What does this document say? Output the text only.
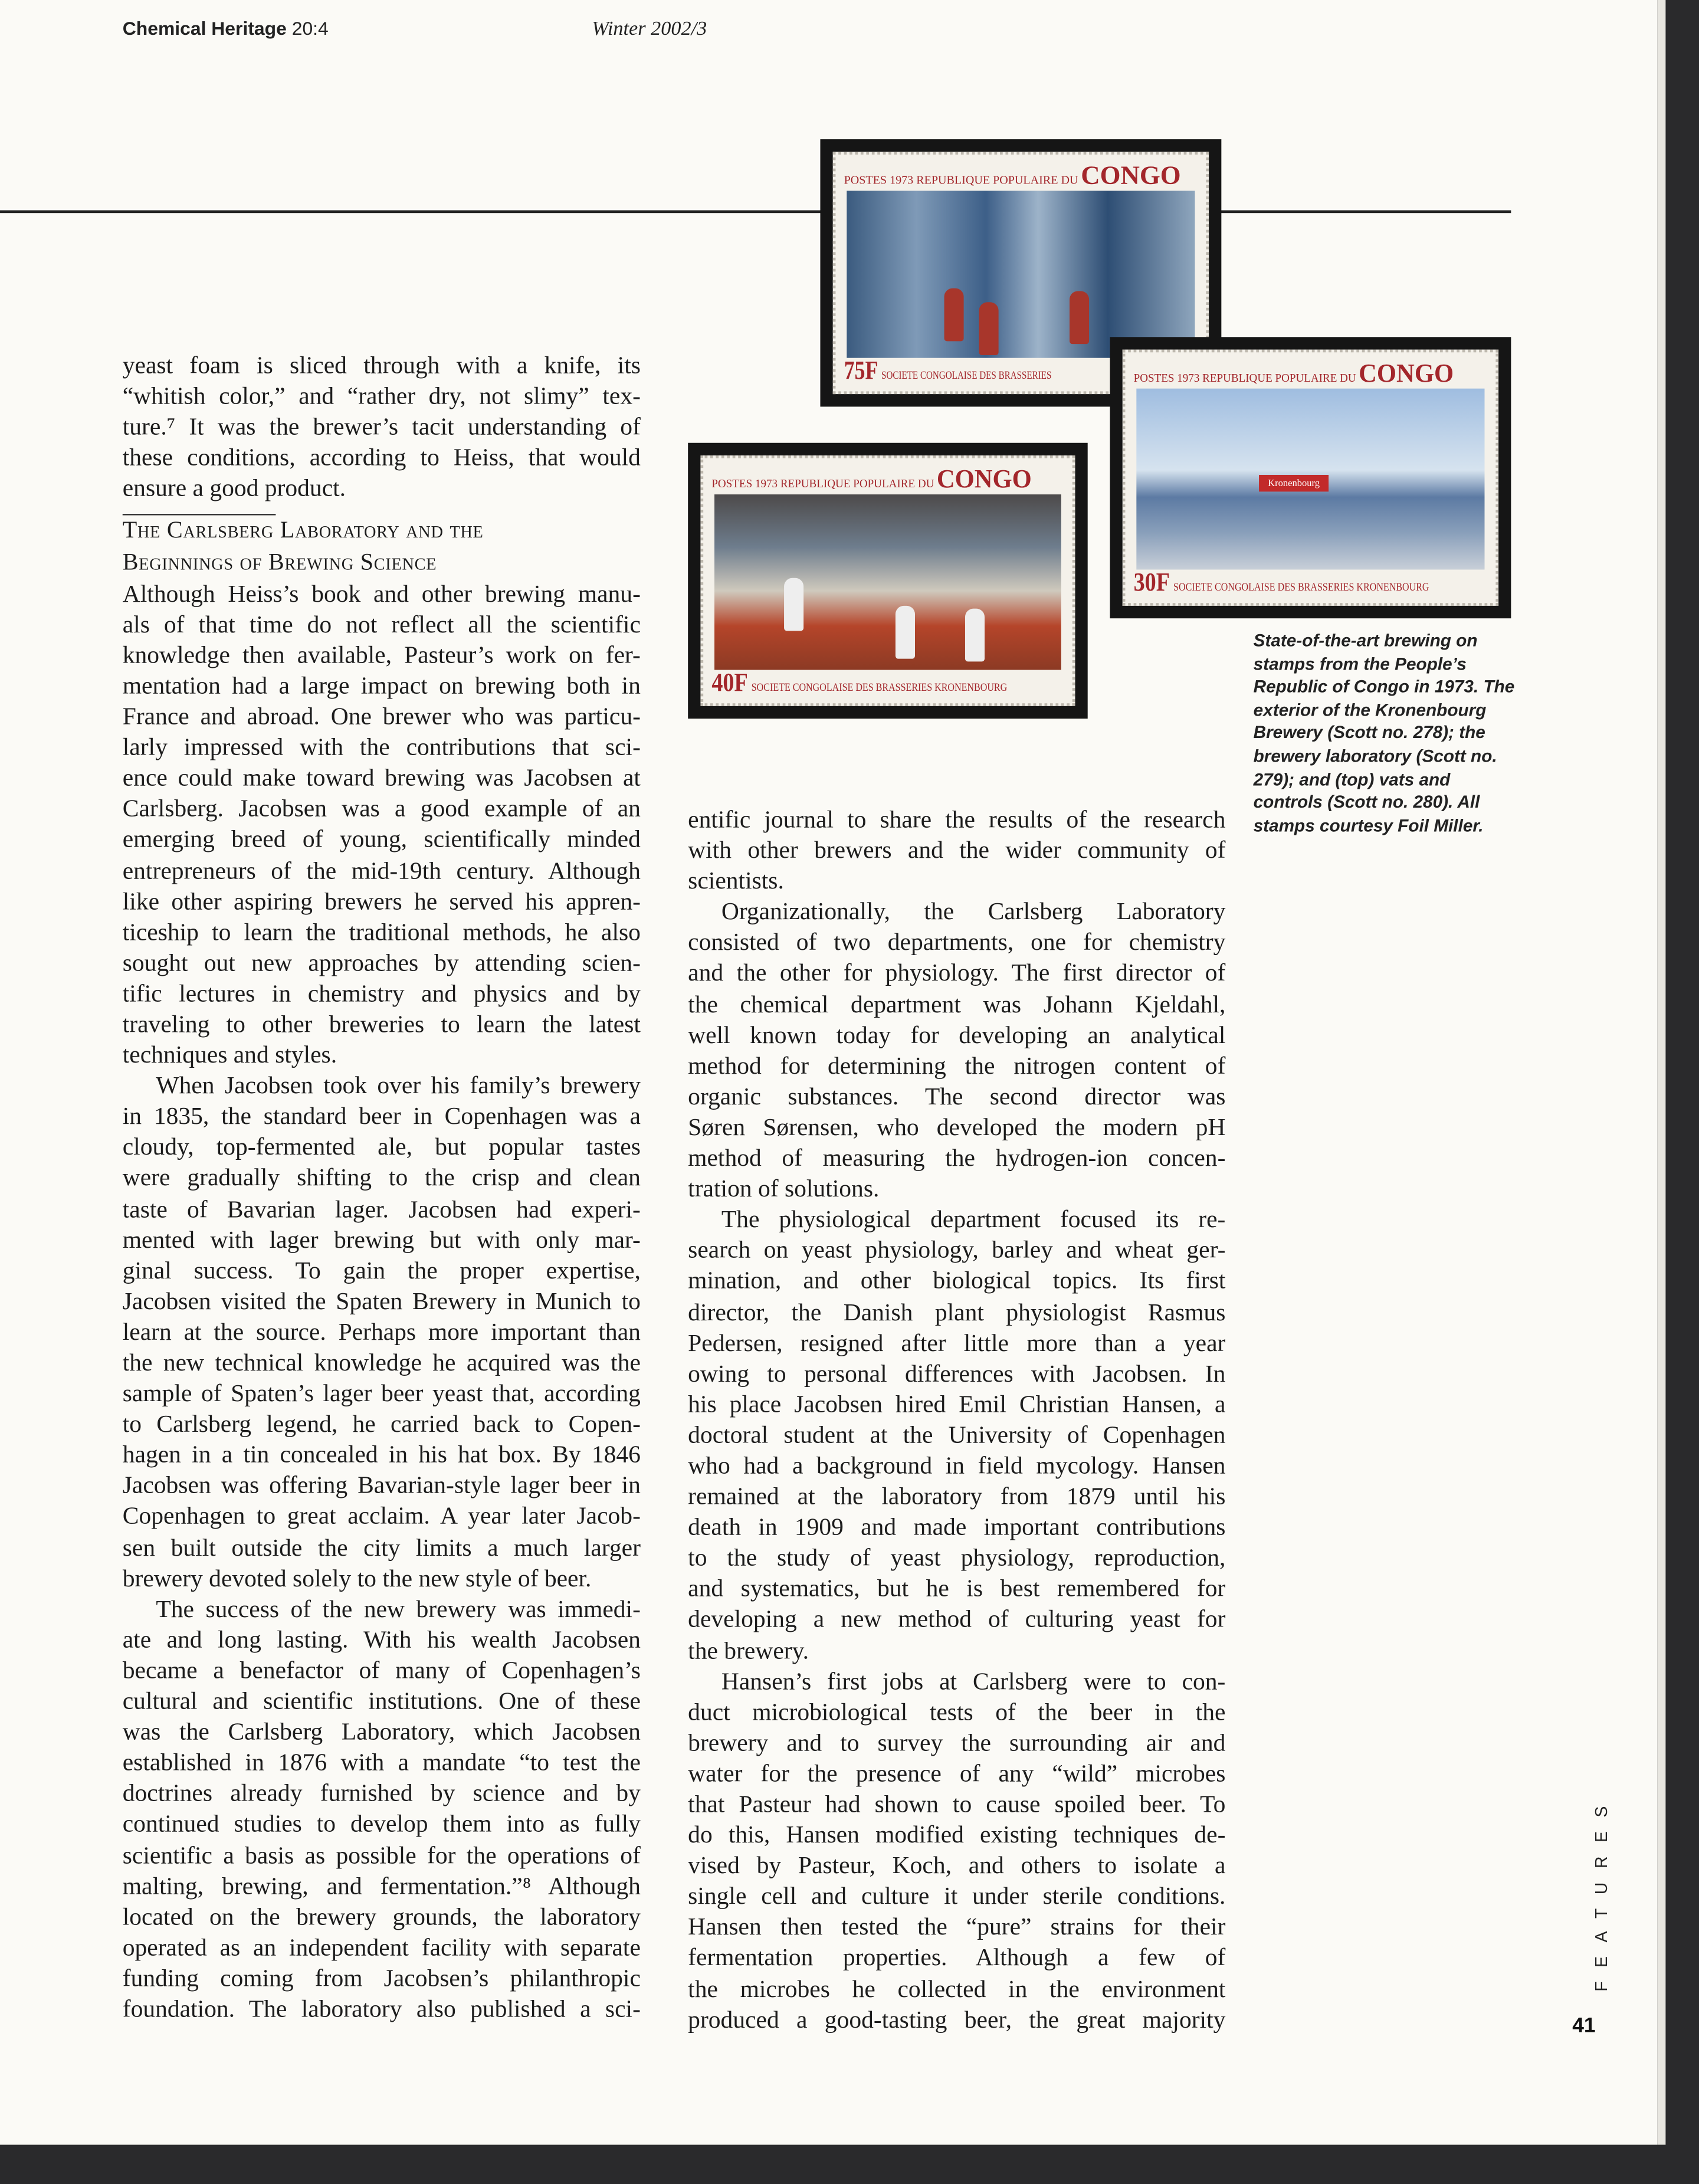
Chemical Heritage 20:4	Winter 2002/3
POSTES 1973 REPUBLIQUE POPULAIRE DU CONGO
75F SOCIETE CONGOLAISE DES BRASSERIES	POSTES 1973 REPUBLIQUE POPULAIRE DU CONGO
Kronenbourg
30F SOCIETE CONGOLAISE DES BRASSERIES KRONENBOURG
POSTES 1973 REPUBLIQUE POPULAIRE DU CONGO
40F SOCIETE CONGOLAISE DES BRASSERIES KRONENBOURG
State-of-the-art brewing on stamps from the People’s Republic of Congo in 1973. The exterior of the Kronenbourg Brewery (Scott no. 278); the brewery laboratory (Scott no. 279); and (top) vats and controls (Scott no. 280). All stamps courtesy Foil Miller.
yeast foam is sliced through with a knife, its
“whitish color,” and “rather dry, not slimy” tex-
ture.⁷ It was the brewer’s tacit understanding of
these conditions, according to Heiss, that would
ensure a good product.
The Carlsberg Laboratory and the
Beginnings of Brewing Science
Although Heiss’s book and other brewing manu-
als of that time do not reflect all the scientific
knowledge then available, Pasteur’s work on fer-
mentation had a large impact on brewing both in
France and abroad. One brewer who was particu-
larly impressed with the contributions that sci-
ence could make toward brewing was Jacobsen at
Carlsberg. Jacobsen was a good example of an
emerging breed of young, scientifically minded
entrepreneurs of the mid-19th century. Although
like other aspiring brewers he served his appren-
ticeship to learn the traditional methods, he also
sought out new approaches by attending scien-
tific lectures in chemistry and physics and by
traveling to other breweries to learn the latest
techniques and styles.
When Jacobsen took over his family’s brewery
in 1835, the standard beer in Copenhagen was a
cloudy, top-fermented ale, but popular tastes
were gradually shifting to the crisp and clean
taste of Bavarian lager. Jacobsen had experi-
mented with lager brewing but with only mar-
ginal success. To gain the proper expertise,
Jacobsen visited the Spaten Brewery in Munich to
learn at the source. Perhaps more important than
the new technical knowledge he acquired was the
sample of Spaten’s lager beer yeast that, according
to Carlsberg legend, he carried back to Copen-
hagen in a tin concealed in his hat box. By 1846
Jacobsen was offering Bavarian-style lager beer in
Copenhagen to great acclaim. A year later Jacob-
sen built outside the city limits a much larger
brewery devoted solely to the new style of beer.
The success of the new brewery was immedi-
ate and long lasting. With his wealth Jacobsen
became a benefactor of many of Copenhagen’s
cultural and scientific institutions. One of these
was the Carlsberg Laboratory, which Jacobsen
established in 1876 with a mandate “to test the
doctrines already furnished by science and by
continued studies to develop them into as fully
scientific a basis as possible for the operations of
malting, brewing, and fermentation.”⁸ Although
located on the brewery grounds, the laboratory
operated as an independent facility with separate
funding coming from Jacobsen’s philanthropic
foundation. The laboratory also published a sci-
entific journal to share the results of the research
with other brewers and the wider community of
scientists.
Organizationally, the Carlsberg Laboratory
consisted of two departments, one for chemistry
and the other for physiology. The first director of
the chemical department was Johann Kjeldahl,
well known today for developing an analytical
method for determining the nitrogen content of
organic substances. The second director was
Søren Sørensen, who developed the modern pH
method of measuring the hydrogen-ion concen-
tration of solutions.
The physiological department focused its re-
search on yeast physiology, barley and wheat ger-
mination, and other biological topics. Its first
director, the Danish plant physiologist Rasmus
Pedersen, resigned after little more than a year
owing to personal differences with Jacobsen. In
his place Jacobsen hired Emil Christian Hansen, a
doctoral student at the University of Copenhagen
who had a background in field mycology. Hansen
remained at the laboratory from 1879 until his
death in 1909 and made important contributions
to the study of yeast physiology, reproduction,
and systematics, but he is best remembered for
developing a new method of culturing yeast for
the brewery.
Hansen’s first jobs at Carlsberg were to con-
duct microbiological tests of the beer in the
brewery and to survey the surrounding air and
water for the presence of any “wild” microbes
that Pasteur had shown to cause spoiled beer. To
do this, Hansen modified existing techniques de-
vised by Pasteur, Koch, and others to isolate a
single cell and culture it under sterile conditions.
Hansen then tested the “pure” strains for their
fermentation properties. Although a few of
the microbes he collected in the environment
produced a good-tasting beer, the great majority
FEATURES
41
